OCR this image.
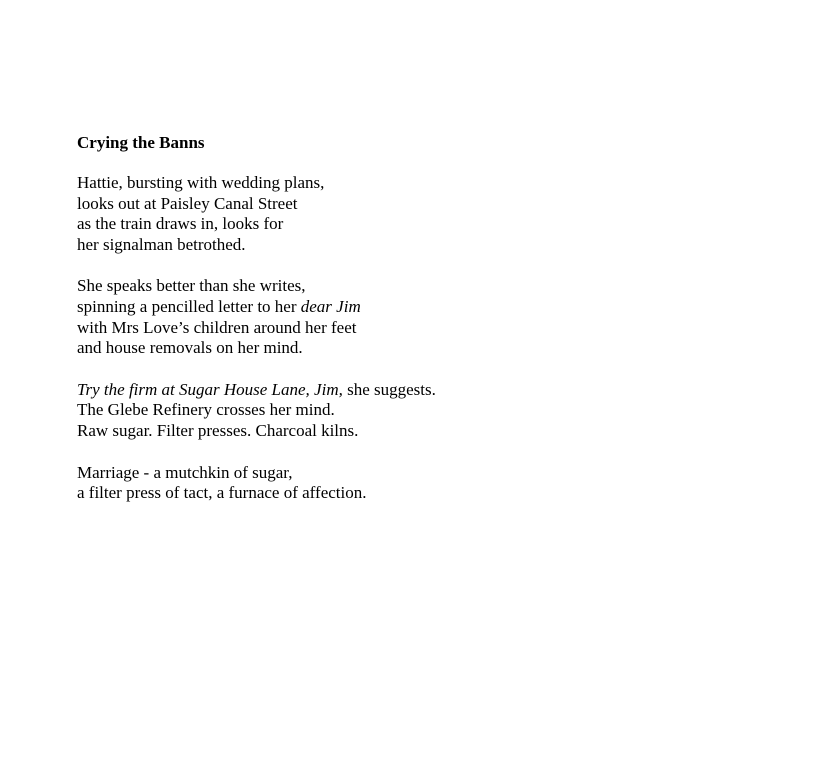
Crying the Banns
Hattie, bursting with wedding plans,
looks out at Paisley Canal Street
as the train draws in, looks for
her signalman betrothed.
She speaks better than she writes,
spinning a pencilled letter to her dear Jim
with Mrs Love’s children around her feet
and house removals on her mind.
Try the firm at Sugar House Lane, Jim, she suggests.
The Glebe Refinery crosses her mind.
Raw sugar. Filter presses. Charcoal kilns.
Marriage - a mutchkin of sugar,
a filter press of tact, a furnace of affection.
